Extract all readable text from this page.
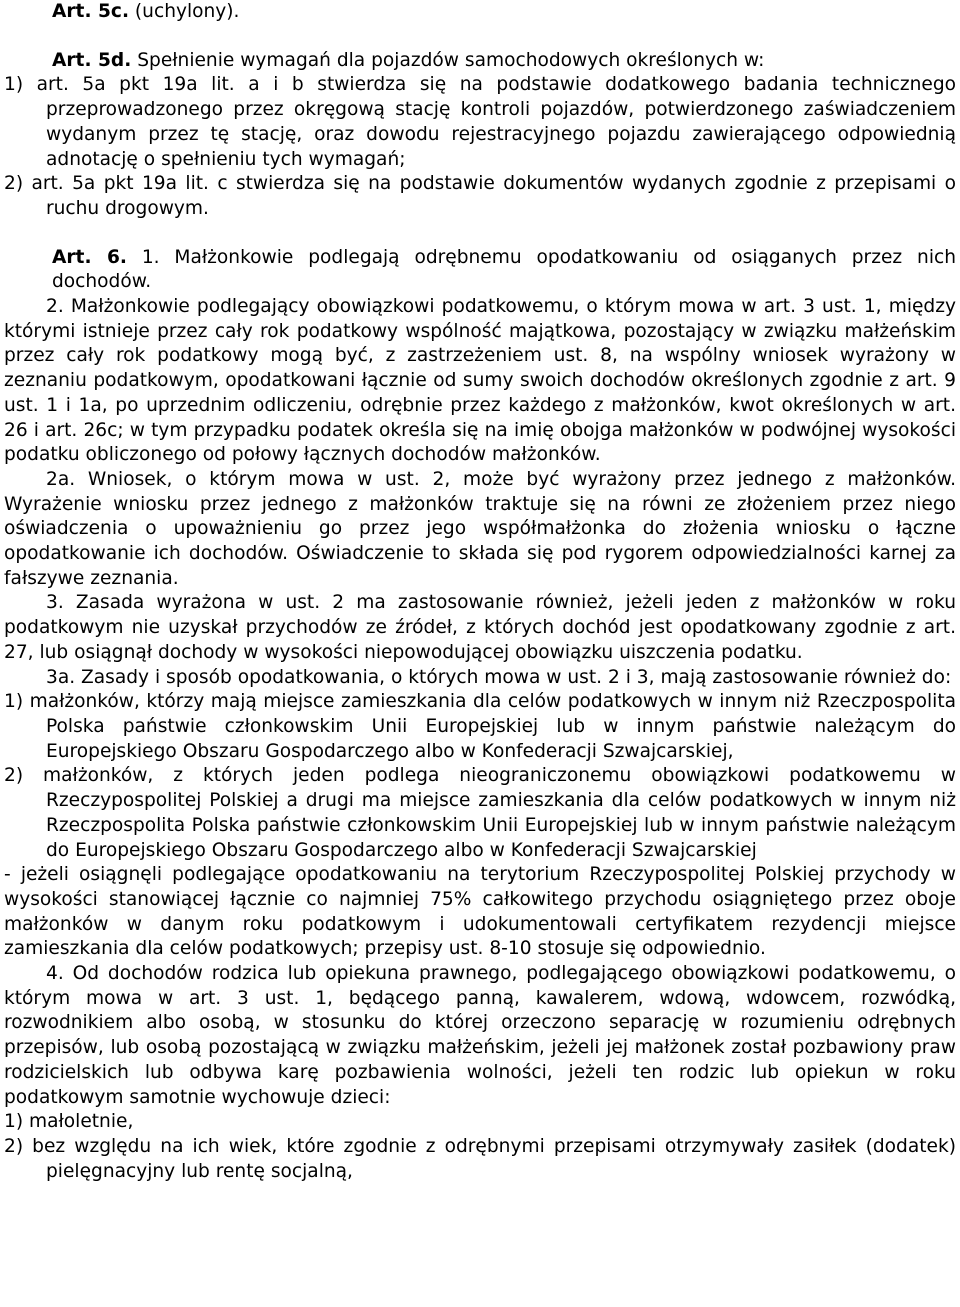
Art. 5c. (uchylony).

Art. 5d. Spełnienie wymagań dla pojazdów samochodowych określonych w:

1) art. 5a pkt 19a lit. a i b stwierdza się na podstawie dodatkowego badania technicznego przeprowadzonego przez okręgową stację kontroli pojazdów, potwierdzonego zaświadczeniem wydanym przez tę stację, oraz dowodu rejestracyjnego pojazdu zawierającego odpowiednią adnotację o spełnieniu tych wymagań;

2) art. 5a pkt 19a lit. c stwierdza się na podstawie dokumentów wydanych zgodnie z przepisami o ruchu drogowym.

Art. 6. 1. Małżonkowie podlegają odrębnemu opodatkowaniu od osiąganych przez nich dochodów.

2. Małżonkowie podlegający obowiązkowi podatkowemu, o którym mowa w art. 3 ust. 1, między którymi istnieje przez cały rok podatkowy wspólność majątkowa, pozostający w związku małżeńskim przez cały rok podatkowy mogą być, z zastrzeżeniem ust. 8, na wspólny wniosek wyrażony w zeznaniu podatkowym, opodatkowani łącznie od sumy swoich dochodów określonych zgodnie z art. 9 ust. 1 i 1a, po uprzednim odliczeniu, odrębnie przez każdego z małżonków, kwot określonych w art. 26 i art. 26c; w tym przypadku podatek określa się na imię obojga małżonków w podwójnej wysokości podatku obliczonego od połowy łącznych dochodów małżonków.

2a. Wniosek, o którym mowa w ust. 2, może być wyrażony przez jednego z małżonków. Wyrażenie wniosku przez jednego z małżonków traktuje się na równi ze złożeniem przez niego oświadczenia o upoważnieniu go przez jego współmałżonka do złożenia wniosku o łączne opodatkowanie ich dochodów. Oświadczenie to składa się pod rygorem odpowiedzialności karnej za fałszywe zeznania.

3. Zasada wyrażona w ust. 2 ma zastosowanie również, jeżeli jeden z małżonków w roku podatkowym nie uzyskał przychodów ze źródeł, z których dochód jest opodatkowany zgodnie z art. 27, lub osiągnął dochody w wysokości niepowodującej obowiązku uiszczenia podatku.

3a. Zasady i sposób opodatkowania, o których mowa w ust. 2 i 3, mają zastosowanie również do:

1) małżonków, którzy mają miejsce zamieszkania dla celów podatkowych w innym niż Rzeczpospolita Polska państwie członkowskim Unii Europejskiej lub w innym państwie należącym do Europejskiego Obszaru Gospodarczego albo w Konfederacji Szwajcarskiej,

2) małżonków, z których jeden podlega nieograniczonemu obowiązkowi podatkowemu w Rzeczypospolitej Polskiej a drugi ma miejsce zamieszkania dla celów podatkowych w innym niż Rzeczpospolita Polska państwie członkowskim Unii Europejskiej lub w innym państwie należącym do Europejskiego Obszaru Gospodarczego albo w Konfederacji Szwajcarskiej

- jeżeli osiągnęli podlegające opodatkowaniu na terytorium Rzeczypospolitej Polskiej przychody w wysokości stanowiącej łącznie co najmniej 75% całkowitego przychodu osiągniętego przez oboje małżonków w danym roku podatkowym i udokumentowali certyfikatem rezydencji miejsce zamieszkania dla celów podatkowych; przepisy ust. 8-10 stosuje się odpowiednio.

4. Od dochodów rodzica lub opiekuna prawnego, podlegającego obowiązkowi podatkowemu, o którym mowa w art. 3 ust. 1, będącego panną, kawalerem, wdową, wdowcem, rozwódką, rozwodnikiem albo osobą, w stosunku do której orzeczono separację w rozumieniu odrębnych przepisów, lub osobą pozostającą w związku małżeńskim, jeżeli jej małżonek został pozbawiony praw rodzicielskich lub odbywa karę pozbawienia wolności, jeżeli ten rodzic lub opiekun w roku podatkowym samotnie wychowuje dzieci:

1) małoletnie,

2) bez względu na ich wiek, które zgodnie z odrębnymi przepisami otrzymywały zasiłek (dodatek) pielęgnacyjny lub rentę socjalną,
